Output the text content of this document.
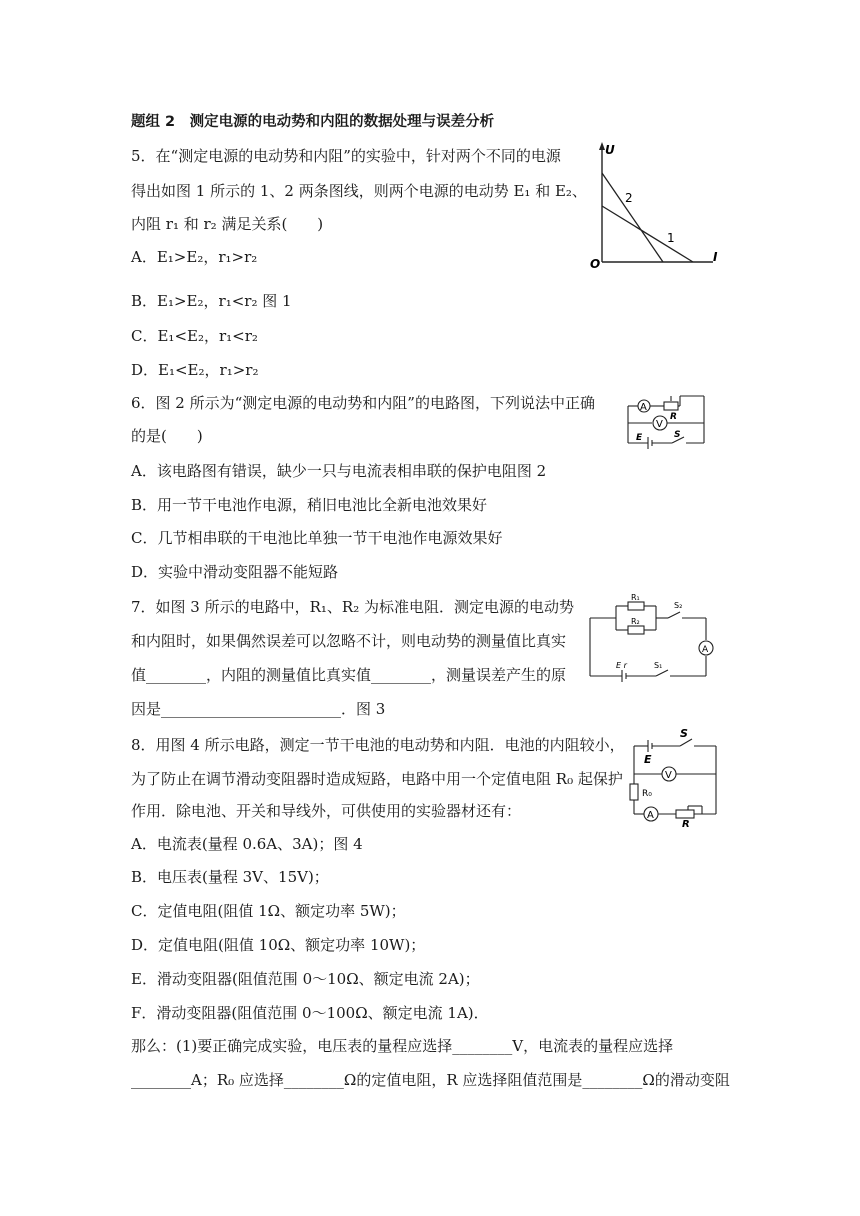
题组 2　测定电源的电动势和内阻的数据处理与误差分析
5．在“测定电源的电动势和内阻”的实验中，针对两个不同的电源
得出如图 1 所示的 1、2 两条图线，则两个电源的电动势 E₁ 和 E₂、
内阻 r₁ 和 r₂ 满足关系(　　)
A．E₁>E₂，r₁>r₂
B．E₁>E₂，r₁<r₂ 图 1
C．E₁<E₂，r₁<r₂
D．E₁<E₂，r₁>r₂
U
O	I
2
1
6．图 2 所示为“测定电源的电动势和内阻”的电路图，下列说法中正确
的是(　　)
A．该电路图有错误，缺少一只与电流表相串联的保护电阻图 2
B．用一节干电池作电源，稍旧电池比全新电池效果好
C．几节相串联的干电池比单独一节干电池作电源效果好
D．实验中滑动变阻器不能短路
A
V
R
E	S
7．如图 3 所示的电路中，R₁、R₂ 为标准电阻．测定电源的电动势
和内阻时，如果偶然误差可以忽略不计，则电动势的测量值比真实
值________，内阻的测量值比真实值________，测量误差产生的原
因是________________________．图 3
R₁
R₂
S₂
A
E r	S₁
8．用图 4 所示电路，测定一节干电池的电动势和内阻．电池的内阻较小，
为了防止在调节滑动变阻器时造成短路，电路中用一个定值电阻 R₀ 起保护
作用．除电池、开关和导线外，可供使用的实验器材还有：
A．电流表(量程 0.6A、3A)；图 4
B．电压表(量程 3V、15V)；
C．定值电阻(阻值 1Ω、额定功率 5W)；
D．定值电阻(阻值 10Ω、额定功率 10W)；
E．滑动变阻器(阻值范围 0～10Ω、额定电流 2A)；
F．滑动变阻器(阻值范围 0～100Ω、额定电流 1A)．
那么：(1)要正确完成实验，电压表的量程应选择________V，电流表的量程应选择
________A；R₀ 应选择________Ω的定值电阻，R 应选择阻值范围是________Ω的滑动变阻
S
E
V
R₀
A
R
